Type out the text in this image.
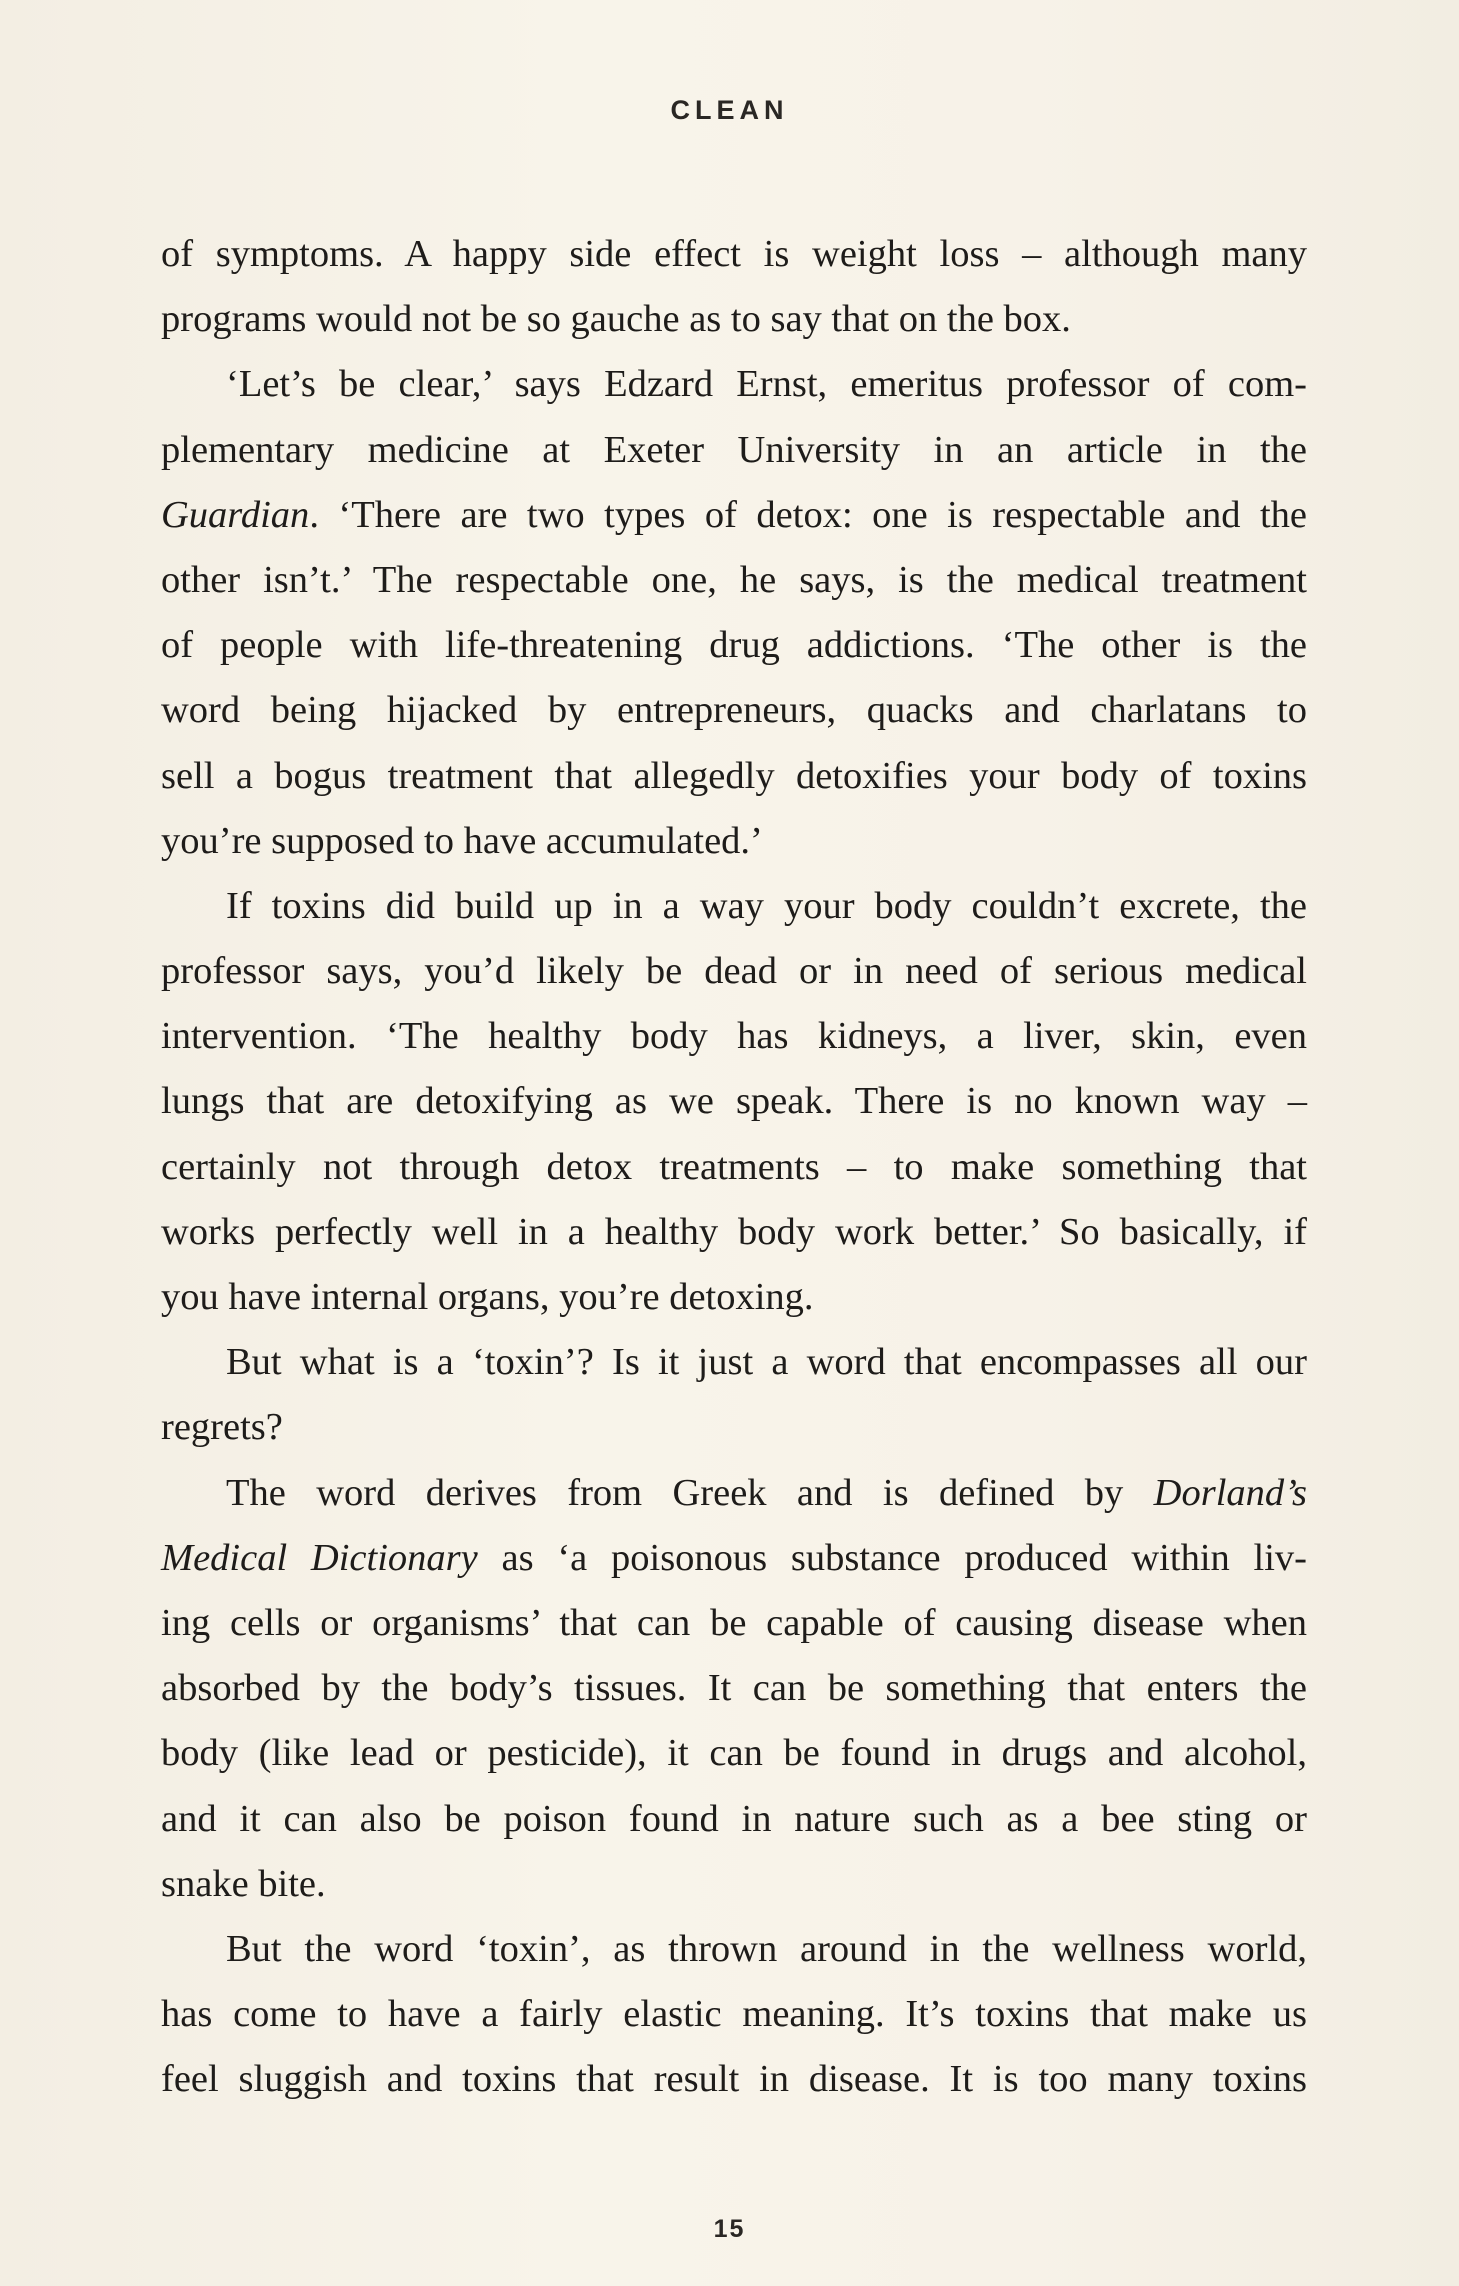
CLEAN
of symptoms. A happy side effect is weight loss – although many
programs would not be so gauche as to say that on the box.
‘Let’s be clear,’ says Edzard Ernst, emeritus professor of com-
plementary medicine at Exeter University in an article in the
Guardian. ‘There are two types of detox: one is respectable and the
other isn’t.’ The respectable one, he says, is the medical treatment
of people with life-threatening drug addictions. ‘The other is the
word being hijacked by entrepreneurs, quacks and charlatans to
sell a bogus treatment that allegedly detoxifies your body of toxins
you’re supposed to have accumulated.’
If toxins did build up in a way your body couldn’t excrete, the
professor says, you’d likely be dead or in need of serious medical
intervention. ‘The healthy body has kidneys, a liver, skin, even
lungs that are detoxifying as we speak. There is no known way –
certainly not through detox treatments – to make something that
works perfectly well in a healthy body work better.’ So basically, if
you have internal organs, you’re detoxing.
But what is a ‘toxin’? Is it just a word that encompasses all our
regrets?
The word derives from Greek and is defined by Dorland’s
Medical Dictionary as ‘a poisonous substance produced within liv-
ing cells or organisms’ that can be capable of causing disease when
absorbed by the body’s tissues. It can be something that enters the
body (like lead or pesticide), it can be found in drugs and alcohol,
and it can also be poison found in nature such as a bee sting or
snake bite.
But the word ‘toxin’, as thrown around in the wellness world,
has come to have a fairly elastic meaning. It’s toxins that make us
feel sluggish and toxins that result in disease. It is too many toxins
15
